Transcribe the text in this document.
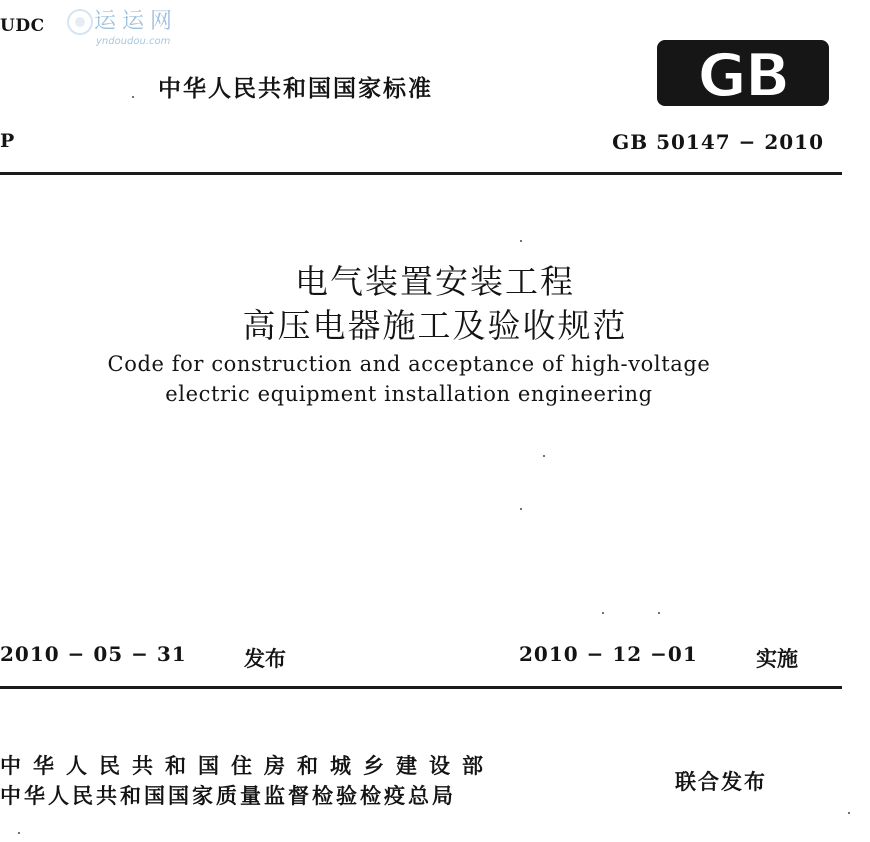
UDC 运运网
yndoudou.com
中华人民共和国国家标准	GB
P	GB 50147 − 2010
电气装置安装工程
高压电器施工及验收规范
Code for construction and acceptance of high-voltage
electric equipment installation engineering
2010 − 05 − 31	发布	2010 − 12 −01	实施
中华人民共和国住房和城乡建设部
中华人民共和国国家质量监督检验检疫总局
联合发布
